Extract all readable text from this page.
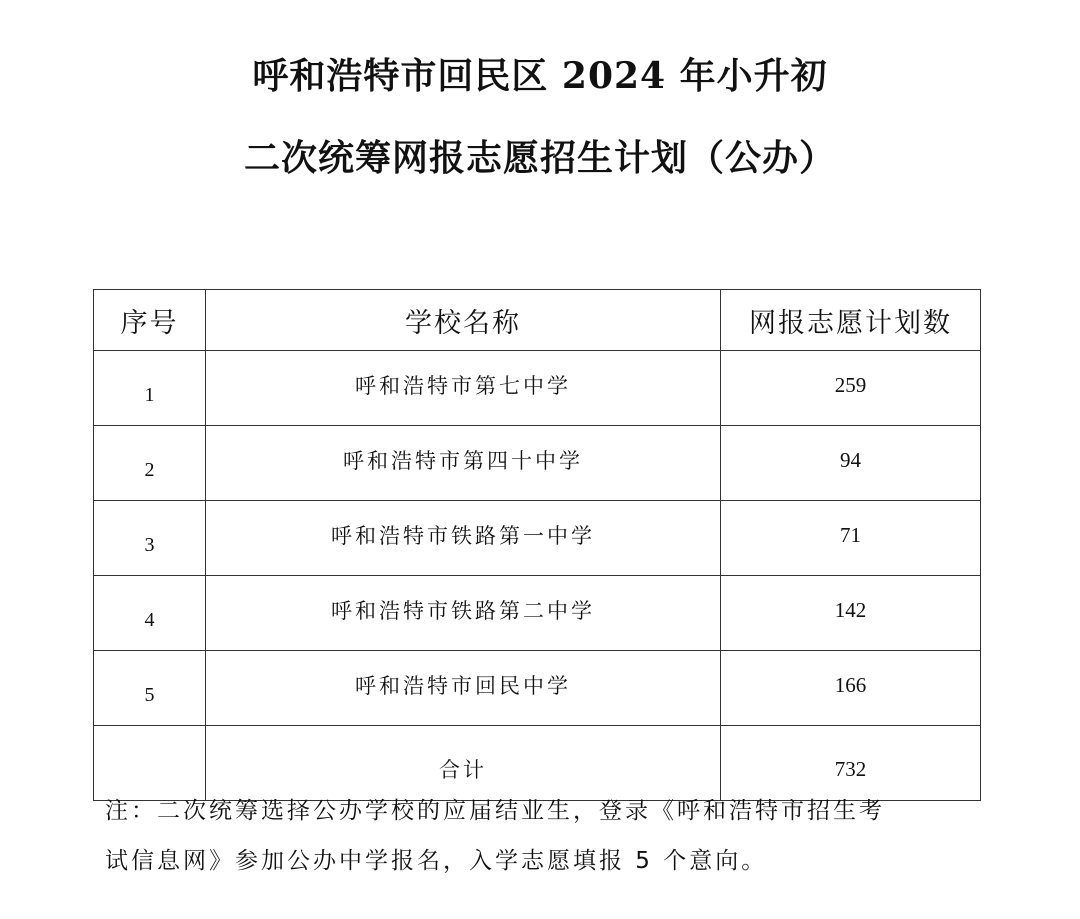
呼和浩特市回民区 2024 年小升初
二次统筹网报志愿招生计划（公办）
序号	学校名称	网报志愿计划数
1	呼和浩特市第七中学	259
2	呼和浩特市第四十中学	94
3	呼和浩特市铁路第一中学	71
4	呼和浩特市铁路第二中学	142
5	呼和浩特市回民中学	166
	合计	732
注：二次统筹选择公办学校的应届结业生，登录《呼和浩特市招生考
试信息网》参加公办中学报名，入学志愿填报 5 个意向。
